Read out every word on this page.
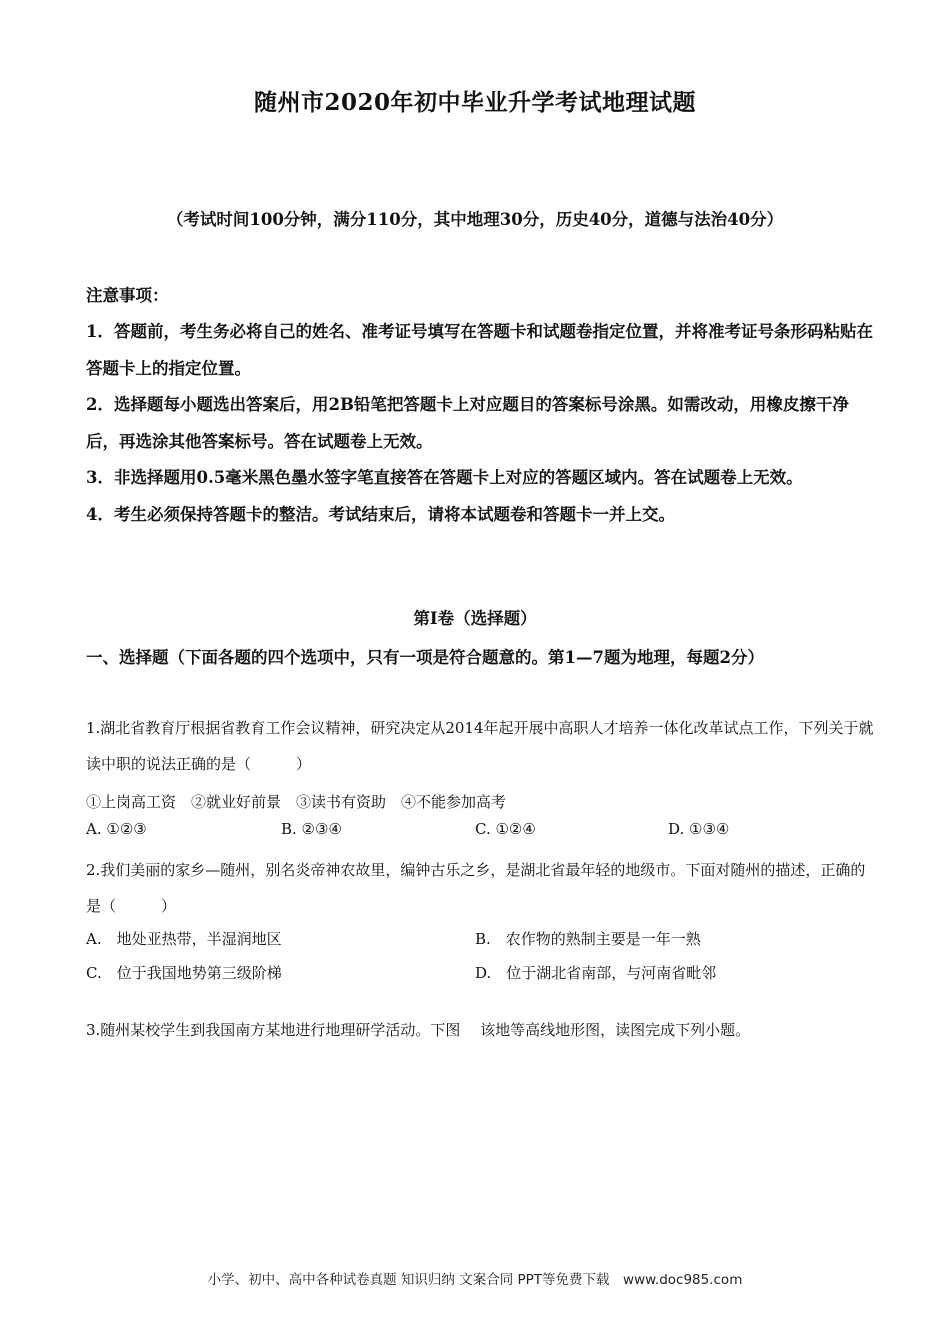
随州市2020年初中毕业升学考试地理试题
（考试时间100分钟，满分110分，其中地理30分，历史40分，道德与法治40分）
注意事项：

1．答题前，考生务必将自己的姓名、准考证号填写在答题卡和试题卷指定位置，并将准考证号条形码粘贴在答题卡上的指定位置。

2．选择题每小题选出答案后，用2B铅笔把答题卡上对应题目的答案标号涂黑。如需改动，用橡皮擦干净后，再选涂其他答案标号。答在试题卷上无效。

3．非选择题用0.5毫米黑色墨水签字笔直接答在答题卡上对应的答题区域内。答在试题卷上无效。

4．考生必须保持答题卡的整洁。考试结束后，请将本试题卷和答题卡一并上交。

第Ⅰ卷（选择题）
一、选择题（下面各题的四个选项中，只有一项是符合题意的。第1—7题为地理，每题2分）
1.湖北省教育厅根据省教育工作会议精神，研究决定从2014年起开展中高职人才培养一体化改革试点工作，下列关于就读中职的说法正确的是（　　　）
①上岗高工资　②就业好前景　③读书有资助　④不能参加高考
A. ①②③	B. ②③④	C. ①②④	D. ①③④
2.我们美丽的家乡—随州，别名炎帝神农故里，编钟古乐之乡，是湖北省最年轻的地级市。下面对随州的描述，正确的是（　　　）
A.　地处亚热带，半湿润地区	B.　农作物的熟制主要是一年一熟
C.　位于我国地势第三级阶梯	D.　位于湖北省南部，与河南省毗邻
3.随州某校学生到我国南方某地进行地理研学活动。下图　 该地等高线地形图，读图完成下列小题。
小学、初中、高中各种试卷真题 知识归纳 文案合同 PPT等免费下载　www.doc985.com
